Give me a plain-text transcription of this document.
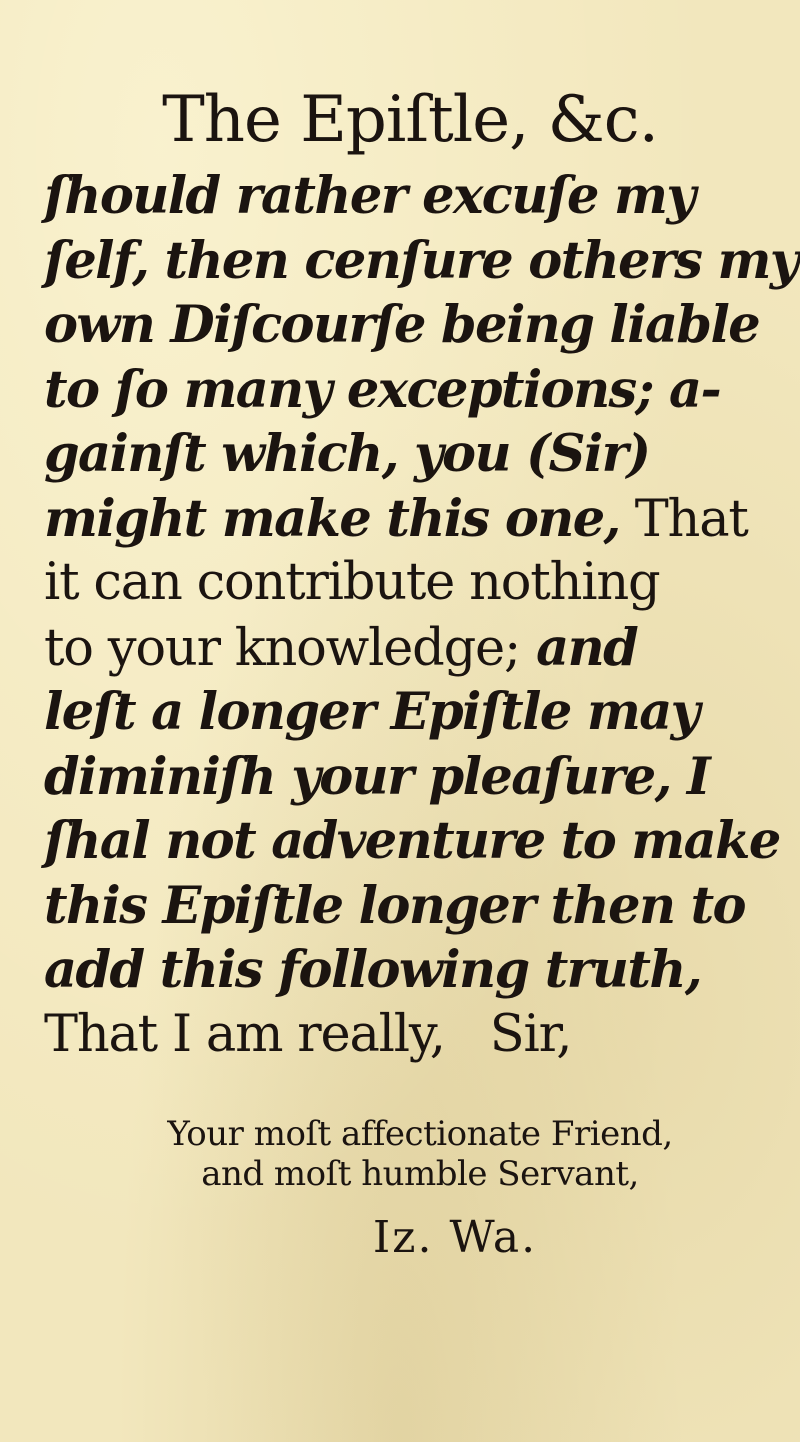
The Epiſtle, &c.
ſhould rather excuſe my
ſelf, then cenſure others my
own Diſcourſe being liable
to ſo many exceptions; a-
gainſt which, you (Sir)
might make this one, That
it can contribute nothing
to your knowledge; and
leſt a longer Epiſtle may
diminiſh your pleaſure, I
ſhal not adventure to make
this Epiſtle longer then to
add this following truth,
That I am really,   Sir,
Your moſt affectionate Friend,
and moſt humble Servant,
Iz. Wa.
